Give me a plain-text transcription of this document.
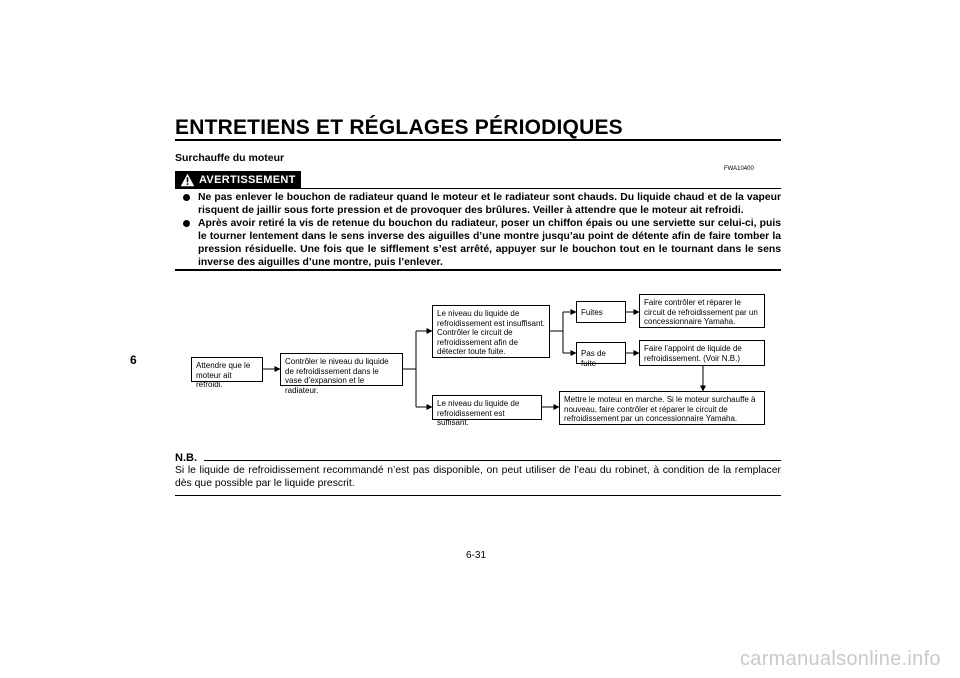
ENTRETIENS ET RÉGLAGES PÉRIODIQUES
Surchauffe du moteur
FWA10400
AVERTISSEMENT
Ne pas enlever le bouchon de radiateur quand le moteur et le radiateur sont chauds. Du liquide chaud et de la vapeur risquent de jaillir sous forte pression et de provoquer des brûlures. Veiller à attendre que le moteur ait refroidi.
Après avoir retiré la vis de retenue du bouchon du radiateur, poser un chiffon épais ou une serviette sur celui-ci, puis le tourner lentement dans le sens inverse des aiguilles d’une montre jusqu’au point de détente afin de faire tomber la pression résiduelle. Une fois que le sifflement s’est arrêté, appuyer sur le bouchon tout en le tournant dans le sens inverse des aiguilles d’une montre, puis l’enlever.
6	Attendre que le
moteur ait refroidi.
Contrôler le niveau du liquide
de refroidissement dans le
vase d’expansion et le radiateur.
Le niveau du liquide de
refroidissement est insuffisant.
Contrôler le circuit de
refroidissement afin de
détecter toute fuite.
Le niveau du liquide de
refroidissement est suffisant.
Fuites
Pas de fuite
Faire contrôler et réparer le
circuit de refroidissement par un
concessionnaire Yamaha.
Faire l’appoint de liquide de
refroidissement. (Voir N.B.)
Mettre le moteur en marche. Si le moteur surchauffe à
nouveau, faire contrôler et réparer le circuit de
refroidissement par un concessionnaire Yamaha.
N.B.
Si le liquide de refroidissement recommandé n’est pas disponible, on peut utiliser de l’eau du robinet, à condition de la remplacer dès que possible par le liquide prescrit.
6-31
carmanualsonline.info
